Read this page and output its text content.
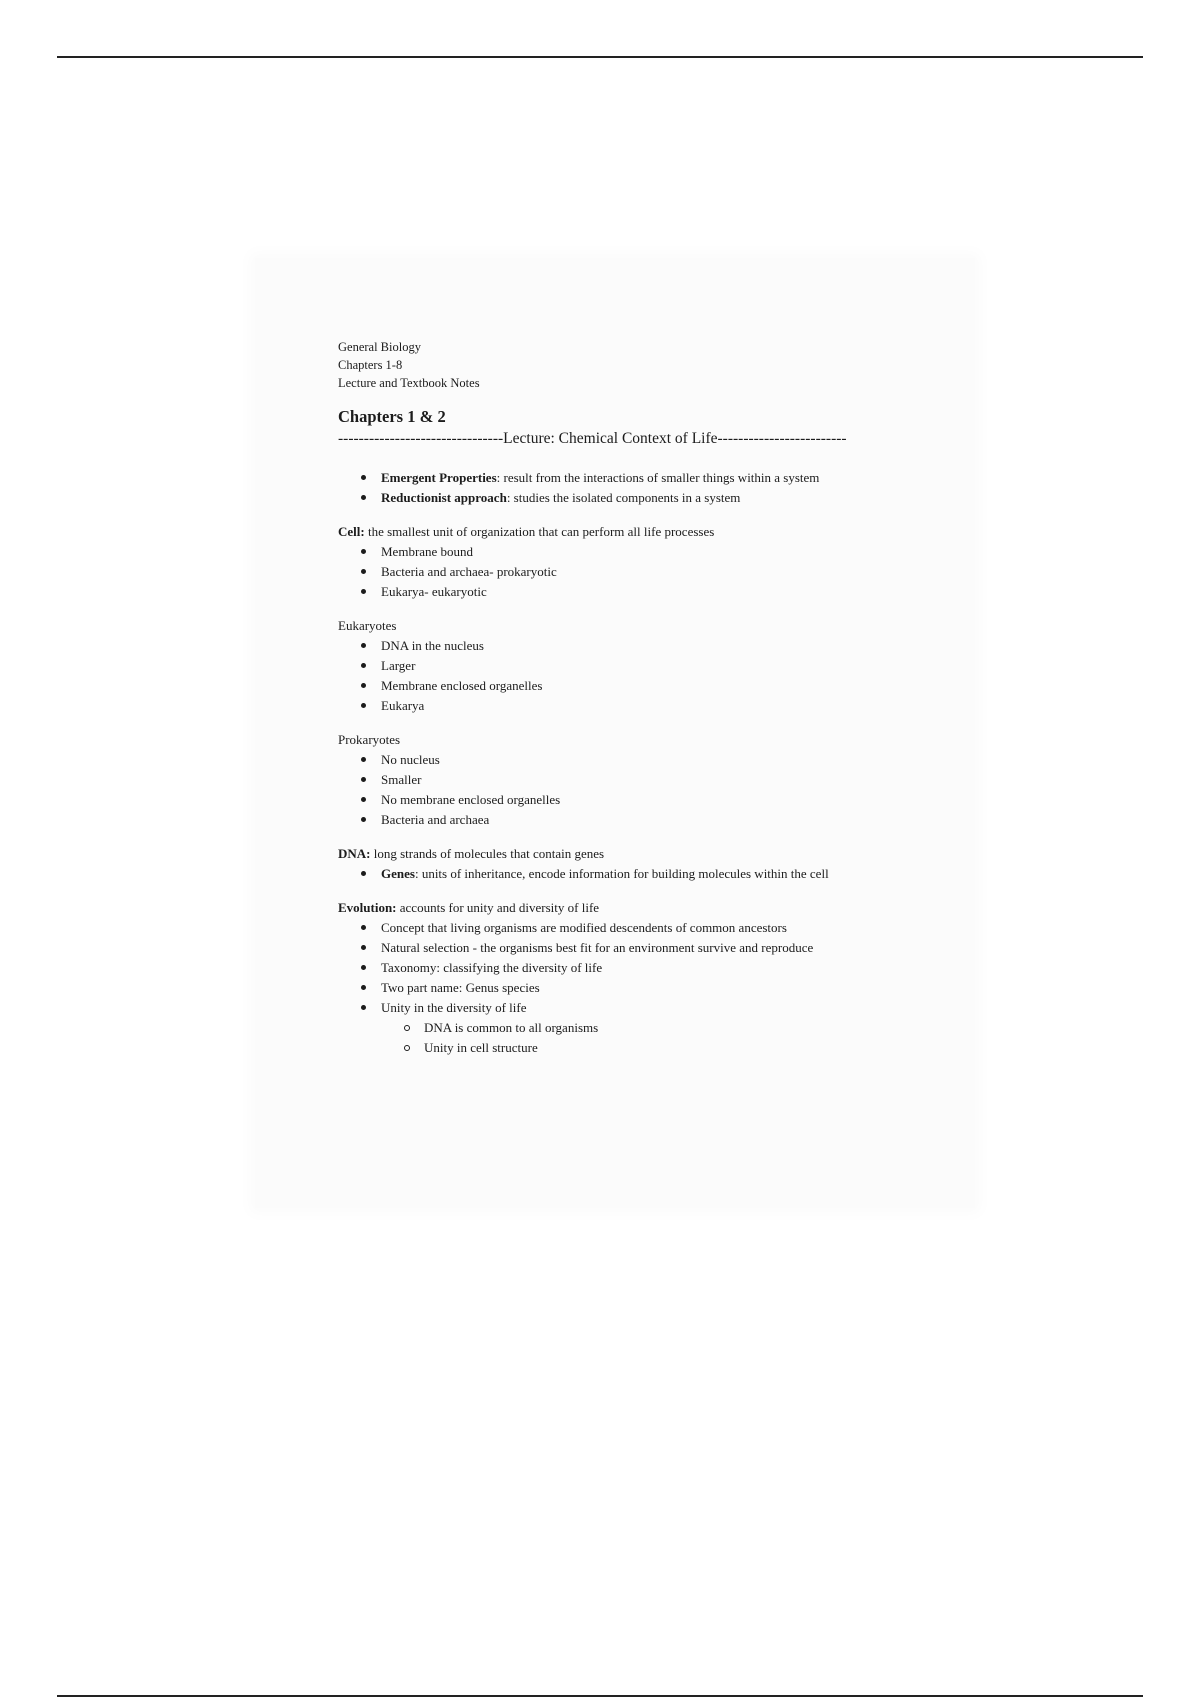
General Biology

Chapters 1-8

Lecture and Textbook Notes

Chapters 1 & 2

--------------------------------Lecture: Chemical Context of Life-------------------------

Emergent Properties: result from the interactions of smaller things within a system
Reductionist approach: studies the isolated components in a system

Cell: the smallest unit of organization that can perform all life processes

Membrane bound
Bacteria and archaea- prokaryotic
Eukarya- eukaryotic

Eukaryotes

DNA in the nucleus
Larger
Membrane enclosed organelles
Eukarya

Prokaryotes

No nucleus
Smaller
No membrane enclosed organelles
Bacteria and archaea

DNA: long strands of molecules that contain genes

Genes: units of inheritance, encode information for building molecules within the cell

Evolution: accounts for unity and diversity of life

Concept that living organisms are modified descendents of common ancestors
Natural selection - the organisms best fit for an environment survive and reproduce
Taxonomy: classifying the diversity of life
Two part name: Genus species
Unity in the diversity of life
DNA is common to all organisms
Unity in cell structure
